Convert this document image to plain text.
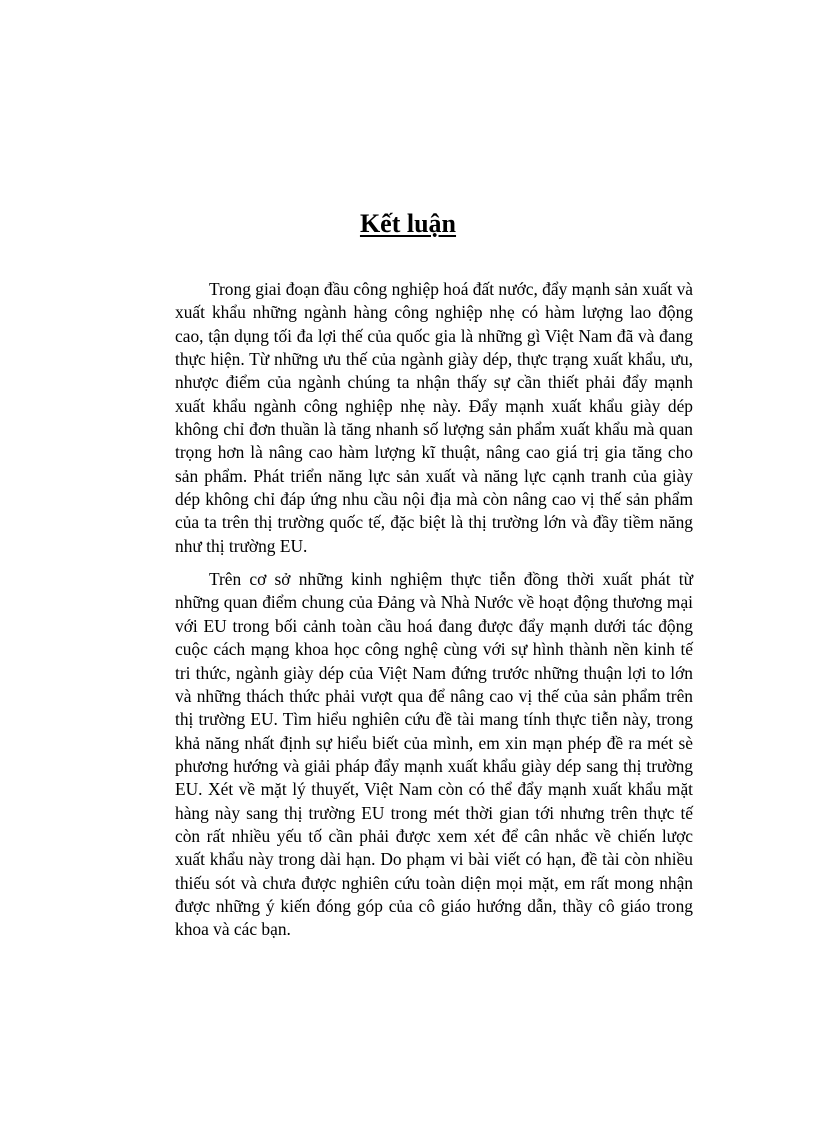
Kết luận

Trong giai đoạn đầu công nghiệp hoá đất nước, đẩy mạnh sản xuất và xuất khẩu những ngành hàng công nghiệp nhẹ có hàm lượng lao động cao, tận dụng tối đa lợi thế của quốc gia là những gì Việt Nam đã và đang thực hiện. Từ những ưu thế của ngành giày dép, thực trạng xuất khẩu, ưu, nhược điểm của ngành chúng ta nhận thấy sự cần thiết phải đẩy mạnh xuất khẩu ngành công nghiệp nhẹ này. Đẩy mạnh xuất khẩu giày dép không chỉ đơn thuần là tăng nhanh số lượng sản phẩm xuất khẩu mà quan trọng hơn là nâng cao hàm lượng kĩ thuật, nâng cao giá trị gia tăng cho sản phẩm. Phát triển năng lực sản xuất và năng lực cạnh tranh của giày dép không chỉ đáp ứng nhu cầu nội địa mà còn nâng cao vị thế sản phẩm của ta trên thị trường quốc tế, đặc biệt là thị trường lớn và đầy tiềm năng như thị trường EU.

Trên cơ sở những kinh nghiệm thực tiễn đồng thời xuất phát từ những quan điểm chung của Đảng và Nhà Nước về hoạt động thương mại với EU trong bối cảnh toàn cầu hoá đang được đẩy mạnh dưới tác động cuộc cách mạng khoa học công nghệ cùng với sự hình thành nền kinh tế tri thức, ngành giày dép của Việt Nam đứng trước những thuận lợi to lớn và những thách thức phải vượt qua để nâng cao vị thế của sản phẩm trên thị trường EU. Tìm hiểu nghiên cứu đề tài mang tính thực tiễn này, trong khả năng nhất định sự hiểu biết của mình, em xin mạn phép đề ra mét sè phương hướng và giải pháp đẩy mạnh xuất khẩu giày dép sang thị trường EU. Xét về mặt lý thuyết, Việt Nam còn có thể đẩy mạnh xuất khẩu mặt hàng này sang thị trường EU trong mét thời gian tới nhưng trên thực tế còn rất nhiều yếu tố cần phải được xem xét để cân nhắc về chiến lược xuất khẩu này trong dài hạn. Do phạm vi bài viết có hạn, đề tài còn nhiều thiếu sót và chưa được nghiên cứu toàn diện mọi mặt, em rất mong nhận được những ý kiến đóng góp của cô giáo hướng dẫn, thầy cô giáo trong khoa và các bạn.
